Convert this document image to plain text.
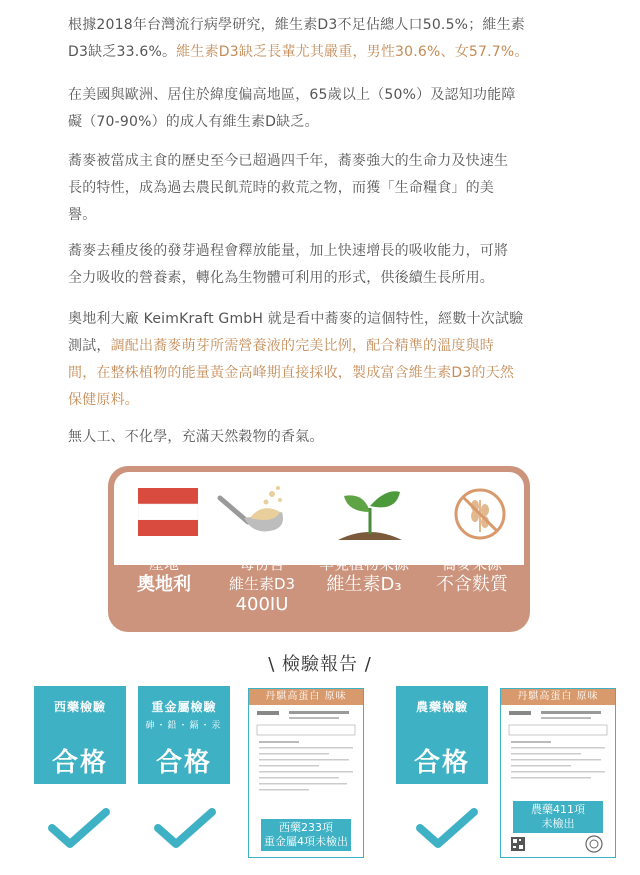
根據2018年台灣流行病學研究，維生素D3不足佔總人口50.5%；維生素
D3缺乏33.6%。維生素D3缺乏長輩尤其嚴重，男性30.6%、女57.7%。
在美國與歐洲、居住於緯度偏高地區，65歲以上（50%）及認知功能障
礙（70-90%）的成人有維生素D缺乏。
蕎麥被當成主食的歷史至今已超過四千年，蕎麥強大的生命力及快速生
長的特性，成為過去農民飢荒時的救荒之物，而獲「生命糧食」的美
譽。
蕎麥去種皮後的發芽過程會釋放能量，加上快速增長的吸收能力，可將
全力吸收的營養素，轉化為生物體可利用的形式，供後續生長所用。
奧地利大廠 KeimKraft GmbH 就是看中蕎麥的這個特性，經數十次試驗
測試，調配出蕎麥萌芽所需營養液的完美比例，配合精準的溫度與時
間，在整株植物的能量黃金高峰期直接採收，製成富含維生素D3的天然
保健原料。
無人工、不化學，充滿天然穀物的香氣。
產地
奧地利
每份含
維生素D3
400IU
罕見植物來源
維生素D₃
蕎麥來源
不含麩質
\ 檢驗報告 /
西藥檢驗
合格
重金屬檢驗
砷・鉛・鎘・汞
合格
農藥檢驗
合格
丹騏高蛋白 原味
西藥233項
重金屬4項未檢出
丹騏高蛋白 原味
農藥411項
未檢出
